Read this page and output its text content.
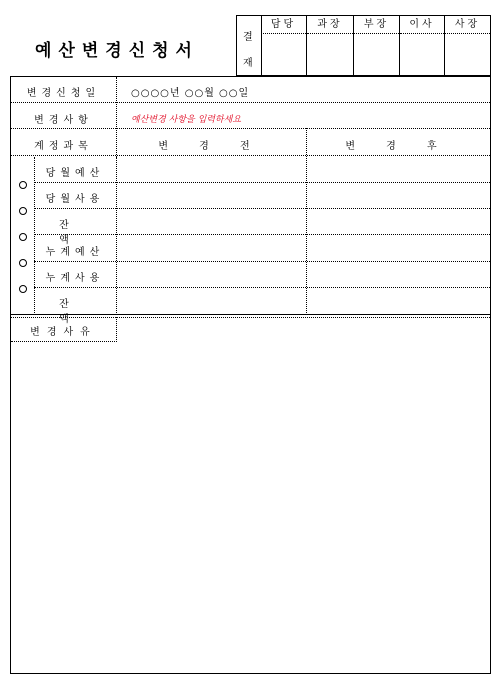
예산변경신청서
결
재
담당	과장	부장	이사	사장
변경신청일	○○○○년 ○○월 ○○일
변경사항	예산변경 사항을 입력하세요
계정과목	변 경 전	변 경 후
당월예산
당월사용
잔 액
누계예산
누계사용
잔 액
변경사유
